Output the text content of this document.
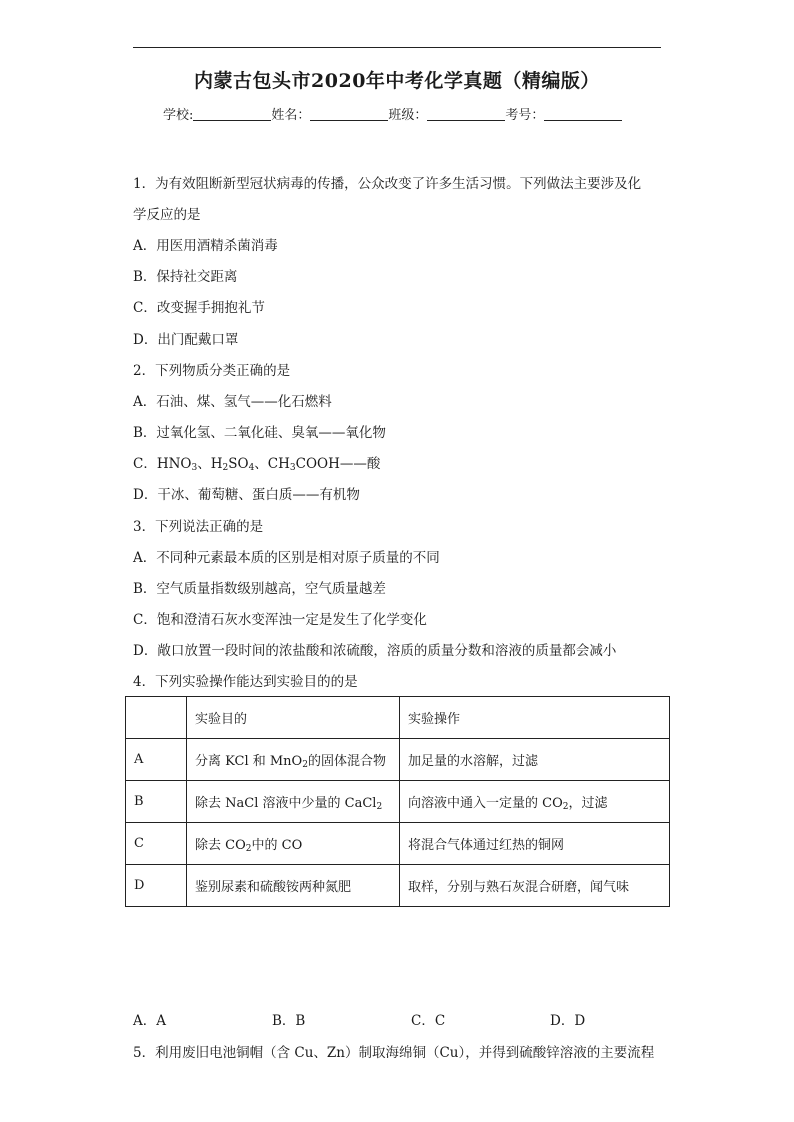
内蒙古包头市2020年中考化学真题（精编版）
学校:	姓名：	班级：	考号：
1．为有效阻断新型冠状病毒的传播，公众改变了许多生活习惯。下列做法主要涉及化
学反应的是
A．用医用酒精杀菌消毒
B．保持社交距离
C．改变握手拥抱礼节
D．出门配戴口罩
2．下列物质分类正确的是
A．石油、煤、氢气——化石燃料
B．过氧化氢、二氧化硅、臭氧——氧化物
C．$HNO_3$、$H_2SO_4$、$CH_3COOH——$酸
D．干冰、葡萄糖、蛋白质——有机物
3．下列说法正确的是
A．不同种元素最本质的区别是相对原子质量的不同
B．空气质量指数级别越高，空气质量越差
C．饱和澄清石灰水变浑浊一定是发生了化学变化
D．敞口放置一段时间的浓盐酸和浓硫酸，溶质的质量分数和溶液的质量都会减小
4．下列实验操作能达到实验目的的是
	实验目的	实验操作
A	分离 KCl 和 MnO$_2$的固体混合物	加足量的水溶解，过滤
B	除去 NaCl 溶液中少量的 CaCl$_2$	向溶液中通入一定量的 $CO_2$，过滤
C	除去 $CO_2$中的 CO	将混合气体通过红热的铜网
D	鉴别尿素和硫酸铵两种氮肥	取样，分别与熟石灰混合研磨，闻气味
A．A	B．B	C．C	D．D
5．利用废旧电池铜帽（含 Cu、Zn）制取海绵铜（Cu），并得到硫酸锌溶液的主要流程
